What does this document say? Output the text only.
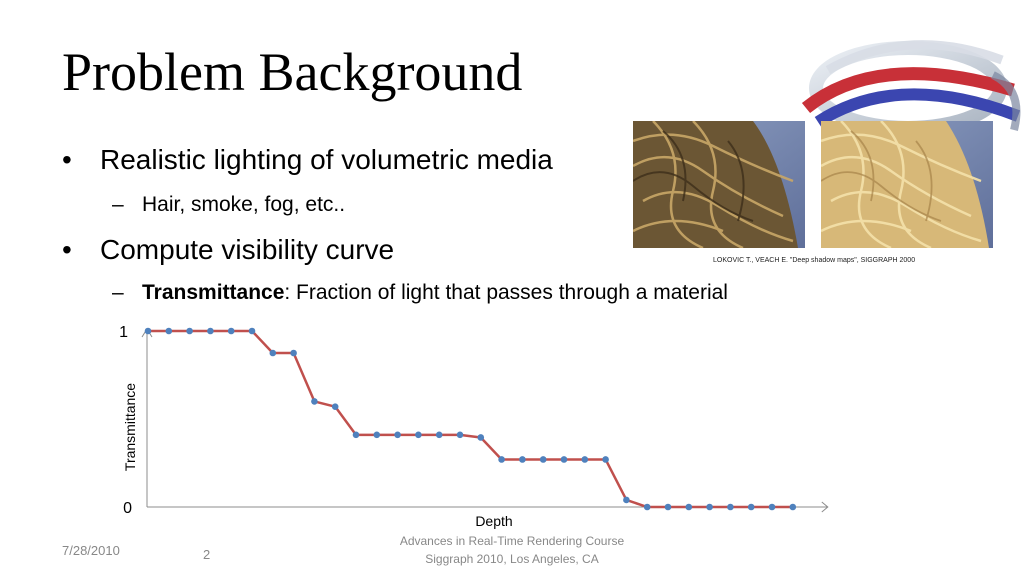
Problem Background
• Realistic lighting of volumetric media
– Hair, smoke, fog, etc..
• Compute visibility curve
– Transmittance: Fraction of light that passes through a material
LOKOVIC T., VEACH E. "Deep shadow maps", SIGGRAPH 2000
1
0
Depth
Transmittance
7/28/2010	2
Advances in Real-Time Rendering Course
Siggraph 2010, Los Angeles, CA
